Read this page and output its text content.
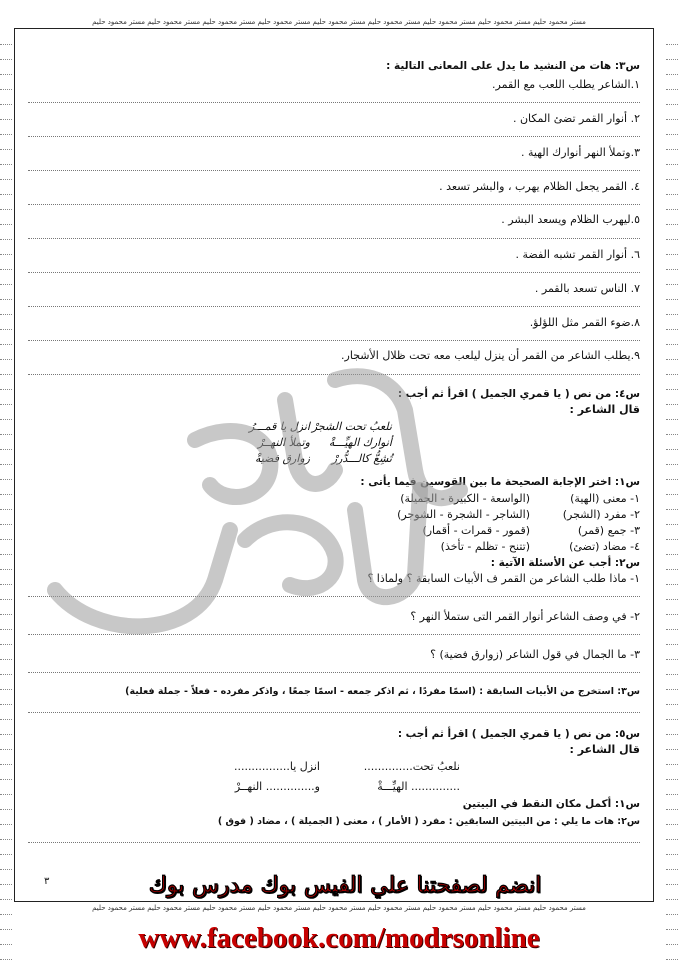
مستر محمود حليم مستر محمود حليم مستر محمود حليم مستر محمود حليم مستر محمود حليم مستر محمود حليم مستر محمود حليم مستر محمود حليم مستر محمود حليم
س٣: هات من النشيد ما يدل على المعانى التالية :
١.الشاعر يطلب اللعب مع القمر.
٢. أنوار القمر تضئ المكان .
٣.وتملأ النهر أنوارك الهية .
٤. القمر يجعل الظلام يهرب ، والبشر تسعد .
٥.ليهرب الظلام ويسعد البشر .
٦. أنوار القمر تشبه الفضة .
٧. الناس تسعد بالقمر .
٨.ضوء القمر مثل اللؤلؤ.
٩.يطلب الشاعر من القمر أن ينزل ليلعب معه تحت ظلال الأشجار.
س٤: من نص ( يا قمري الجميل ) اقرأ ثم أجب :
قال الشاعر :
انزل يا قمـــرُ نلعبُ تحت الشجرْ
وتملأ النهــرْ أنوارك الهيِّـــةْ
زوارق فضيةْ تُشِعُّ كالـــدُّررْ
س١: اختر الإجابة الصحيحة ما بين القوسين فيما يأتى :
١- معنى (الهية)
(الواسعة - الكبيرة - الجميلة)
٢- مفرد (الشجر)
(الشاجر - الشجرة - الشوجر)
٣- جمع (قمر)
(قمور - قمرات - أقمار)
٤- مضاد (تضئ)
(تتنح - تظلم - تأخذ)
س٢: أجب عن الأسئلة الآتية :
١- ماذا طلب الشاعر من القمر ف الأبيات السابقة ؟ ولماذا ؟
٢- في وصف الشاعر أنوار القمر التى ستملأ النهر ؟
٣- ما الجمال في قول الشاعر (زوارق فضية) ؟
س٣: استخرج من الأبيات السابقة : (اسمًا مفردًا ، ثم اذكر جمعه - اسمًا جمعًا ، واذكر مفرده - فعلاً - جملة فعلية)
س٥: من نص ( يا قمري الجميل ) اقرأ ثم أجب :
قال الشاعر :
انزل يا................	نلعبُ تحت..............
و.............. النهــرْ	.............. الهيِّـــةْ
س١: أكمل مكان النقط في البيتين
س٢: هات ما يلي : من البيتين السابقين : مفرد ( الأمار ) ، معنى ( الجميلة ) ، مضاد ( فوق )
مستر محمود حليم مستر محمود حليم مستر محمود حليم مستر محمود حليم مستر محمود حليم مستر محمود حليم مستر محمود حليم مستر محمود حليم مستر محمود حليم
٣	انضم لصفحتنا علي الفيس بوك مدرس بوك
www.facebook.com/modrsonline
